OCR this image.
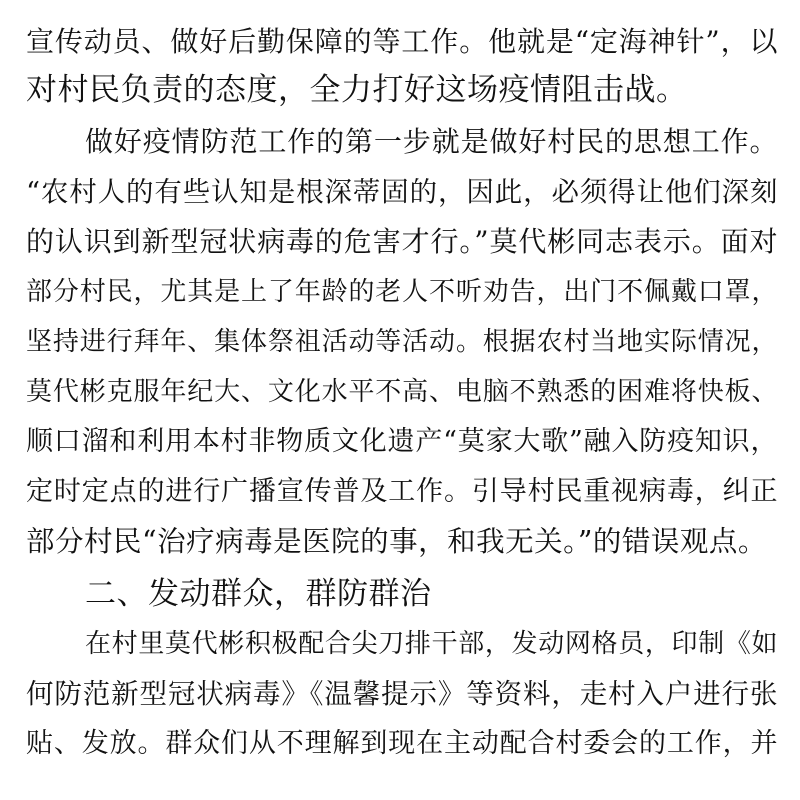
宣传动员、做好后勤保障的等工作。他就是“定海神针”，以
对村民负责的态度，全力打好这场疫情阻击战。
做好疫情防范工作的第一步就是做好村民的思想工作。
“农村人的有些认知是根深蒂固的，因此，必须得让他们深刻
的认识到新型冠状病毒的危害才行。”莫代彬同志表示。面对
部分村民，尤其是上了年龄的老人不听劝告，出门不佩戴口罩，
坚持进行拜年、集体祭祖活动等活动。根据农村当地实际情况，
莫代彬克服年纪大、文化水平不高、电脑不熟悉的困难将快板、
顺口溜和利用本村非物质文化遗产“莫家大歌”融入防疫知识，
定时定点的进行广播宣传普及工作。引导村民重视病毒，纠正
部分村民“治疗病毒是医院的事，和我无关。”的错误观点。
二、发动群众，群防群治
在村里莫代彬积极配合尖刀排干部，发动网格员，印制《如
何防范新型冠状病毒》《温馨提示》等资料，走村入户进行张
贴、发放。群众们从不理解到现在主动配合村委会的工作，并
